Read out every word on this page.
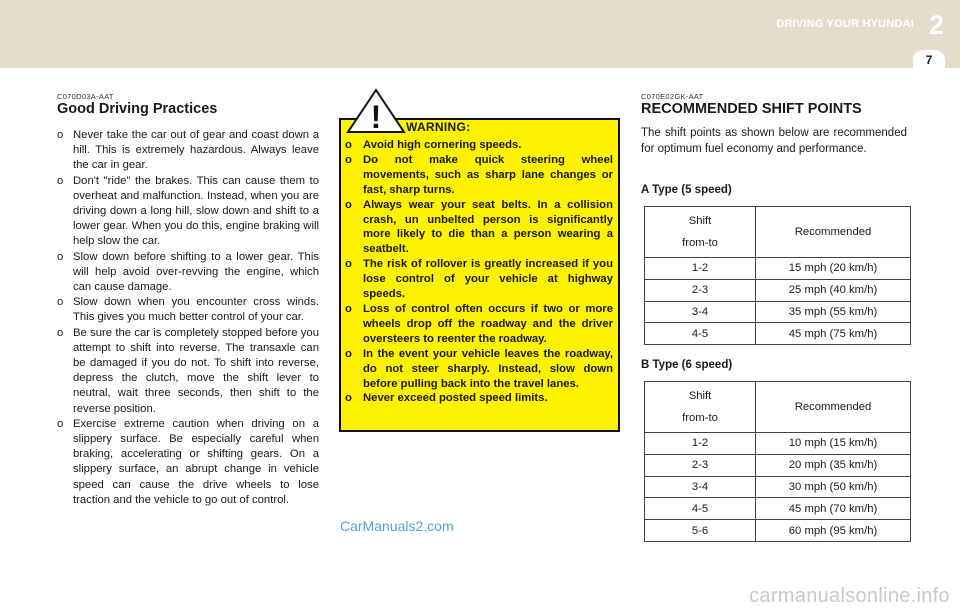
DRIVING YOUR HYUNDAI 2
7
C070D03A-AAT
Good Driving Practices
o Never take the car out of gear and coast down a hill. This is extremely hazardous. Always leave the car in gear.
o Don't "ride" the brakes. This can cause them to overheat and malfunction. Instead, when you are driving down a long hill, slow down and shift to a lower gear. When you do this, engine braking will help slow the car.
o Slow down before shifting to a lower gear. This will help avoid over-revving the engine, which can cause damage.
o Slow down when you encounter cross winds. This gives you much better control of your car.
o Be sure the car is completely stopped before you attempt to shift into reverse. The transaxle can be damaged if you do not. To shift into reverse, depress the clutch, move the shift lever to neutral, wait three seconds, then shift to the reverse position.
o Exercise extreme caution when driving on a slippery surface. Be especially careful when braking, accelerating or shifting gears. On a slippery surface, an abrupt change in vehicle speed can cause the drive wheels to lose traction and the vehicle to go out of control.
! WARNING:
o Avoid high cornering speeds.
o Do not make quick steering wheel movements, such as sharp lane changes or fast, sharp turns.
o Always wear your seat belts. In a collision crash, un unbelted person is significantly more likely to die than a person wearing a seatbelt.
o The risk of rollover is greatly increased if you lose control of your vehicle at highway speeds.
o Loss of control often occurs if two or more wheels drop off the roadway and the driver oversteers to reenter the roadway.
o In the event your vehicle leaves the roadway, do not steer sharply. Instead, slow down before pulling back into the travel lanes.
o Never exceed posted speed limits.
CarManuals2.com
C070E02GK-AAT
RECOMMENDED SHIFT POINTS
The shift points as shown below are recommended for optimum fuel economy and performance.
A Type (5 speed)
Shift
from-to	Recommended
1-2	15 mph (20 km/h)
2-3	25 mph (40 km/h)
3-4	35 mph (55 km/h)
4-5	45 mph (75 km/h)
B Type (6 speed)
Shift
from-to	Recommended
1-2	10 mph (15 km/h)
2-3	20 mph (35 km/h)
3-4	30 mph (50 km/h)
4-5	45 mph (70 km/h)
5-6	60 mph (95 km/h)
carmanualsonline.info
